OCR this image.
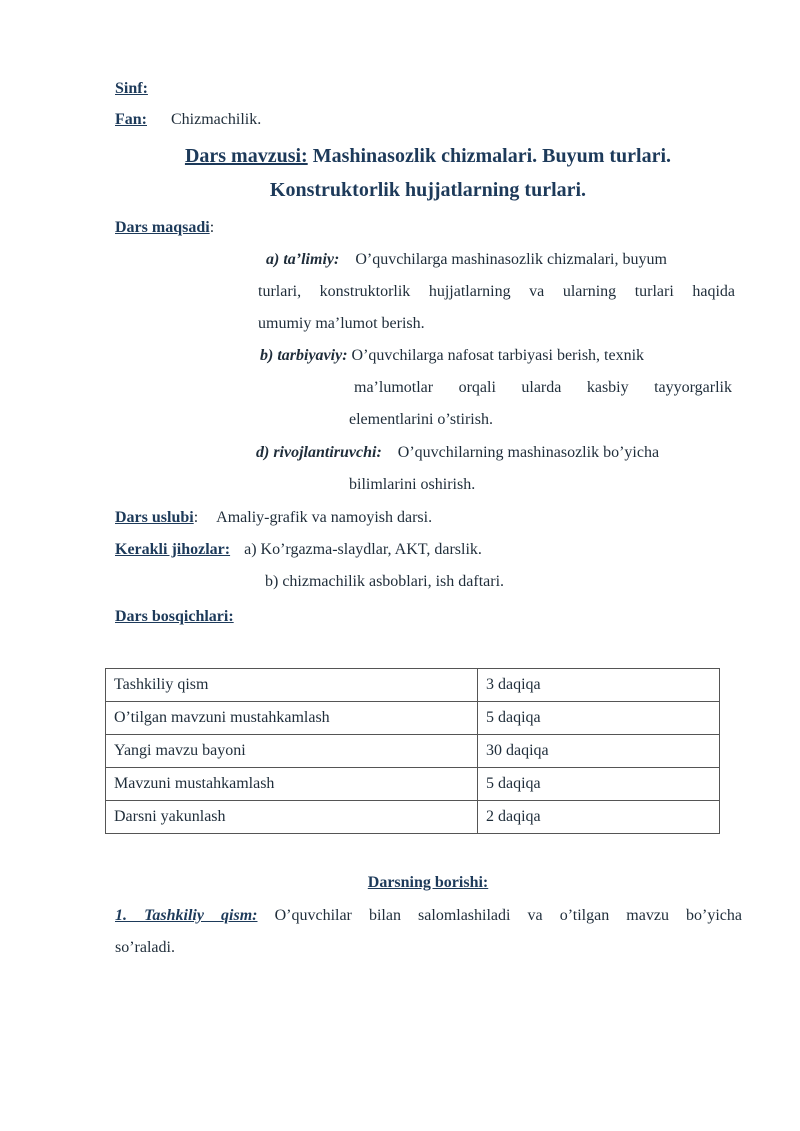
Sinf:
Fan: Chizmachilik.
Dars mavzusi: Mashinasozlik chizmalari. Buyum turlari.
Konstruktorlik hujjatlarning turlari.
Dars maqsadi:
a) ta’limiy: O’quvchilarga mashinasozlik chizmalari, buyum
turlari, konstruktorlik hujjatlarning va ularning turlari haqida
umumiy ma’lumot berish.
b) tarbiyaviy: O’quvchilarga nafosat tarbiyasi berish, texnik
ma’lumotlar orqali ularda kasbiy tayyorgarlik
elementlarini o’stirish.
d) rivojlantiruvchi: O’quvchilarning mashinasozlik bo’yicha
bilimlarini oshirish.
Dars uslubi: Amaliy-grafik va namoyish darsi.
Kerakli jihozlar: a) Ko’rgazma-slaydlar, AKT, darslik.
b) chizmachilik asboblari, ish daftari.
Dars bosqichlari:
Tashkiliy qism	3 daqiqa
O’tilgan mavzuni mustahkamlash	5 daqiqa
Yangi mavzu bayoni	30 daqiqa
Mavzuni mustahkamlash	5 daqiqa
Darsni yakunlash	2 daqiqa
Darsning borishi:
1. Tashkiliy qism: O’quvchilar bilan salomlashiladi va o’tilgan mavzu bo’yicha
so’raladi.
